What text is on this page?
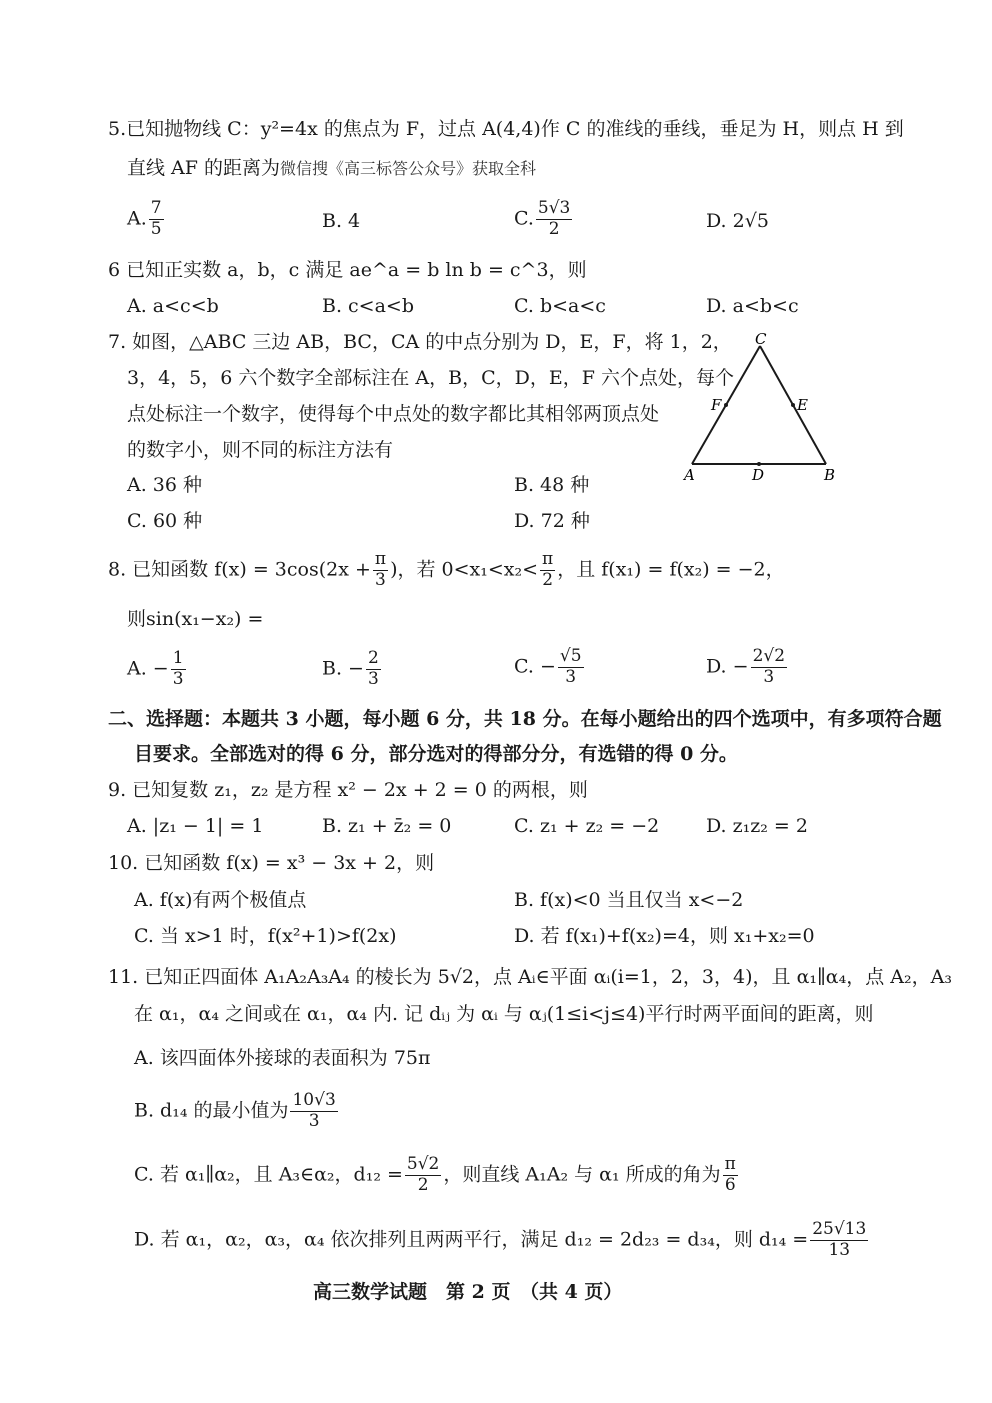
5.已知抛物线 C：y²=4x 的焦点为 F，过点 A(4,4)作 C 的准线的垂线，垂足为 H，则点 H 到
直线 AF 的距离为微信搜《高三标答公众号》获取全科
A. $\frac{7}{5}$	B. 4	C. $\frac{5√3}{2}$	D. 2√5
6 已知正实数 a，b，c 满足 ae^a = b ln b = c^3，则
A. a<c<b	B. c<a<b	C. b<a<c	D. a<b<c
7. 如图，△ABC 三边 AB，BC，CA 的中点分别为 D，E，F，将 1，2，
3，4，5，6 六个数字全部标注在 A，B，C，D，E，F 六个点处，每个
点处标注一个数字，使得每个中点处的数字都比其相邻两顶点处
的数字小，则不同的标注方法有
A. 36 种	B. 48 种
C. 60 种	D. 72 种
A	B
C
D
E
F
8. 已知函数 $f(x) = 3\cos(2x + \frac{\pi}{3}$ )，若 $0<x_1<x_2< \frac{\pi}{2}$ ，且 f(x₁) = f(x₂) = −2，
则sin(x₁−x₂) =
A. − $\frac{1}{3}$	B. − $\frac{2}{3}$	C. − $\frac{√5}{3}$	D. − $\frac{2√2}{3}$
二、选择题：本题共 3 小题，每小题 6 分，共 18 分。在每小题给出的四个选项中，有多项符合题
目要求。全部选对的得 6 分，部分选对的得部分分，有选错的得 0 分。
9. 已知复数 z₁，z₂ 是方程 x² − 2x + 2 = 0 的两根，则
A. |z₁ − 1| = 1	B. z₁ + z̄₂ = 0	C. z₁ + z₂ = −2 D. z₁z₂ = 2
10. 已知函数 f(x) = x³ − 3x + 2，则
A. f(x)有两个极值点	B. f(x)<0 当且仅当 x<−2
C. 当 x>1 时，f(x²+1)>f(2x)	D. 若 f(x₁)+f(x₂)=4，则 x₁+x₂=0
11. 已知正四面体 A₁A₂A₃A₄ 的棱长为 5√2，点 Aᵢ∈平面 αᵢ(i=1，2，3，4)，且 α₁∥α₄，点 A₂，A₃
在 α₁，α₄ 之间或在 α₁，α₄ 内. 记 dᵢⱼ 为 αᵢ 与 αⱼ(1≤i<j≤4)平行时两平面间的距离，则
A. 该四面体外接球的表面积为 75π
B. d₁₄ 的最小值为 $\frac{10√3}{3}$
C. 若 α₁∥α₂，且 A₃∈α₂，$d_{12} = \frac{5√2}{2}$ ，则直线 A₁A₂ 与 α₁ 所成的角为 $\frac{\pi}{6}$
D. 若 α₁，α₂，α₃，α₄ 依次排列且两两平行，满足 d₁₂ = 2d₂₃ = d₃₄，则 $d_{14} = \frac{25√13}{13}$
高三数学试题　第 2 页　（共 4 页）
